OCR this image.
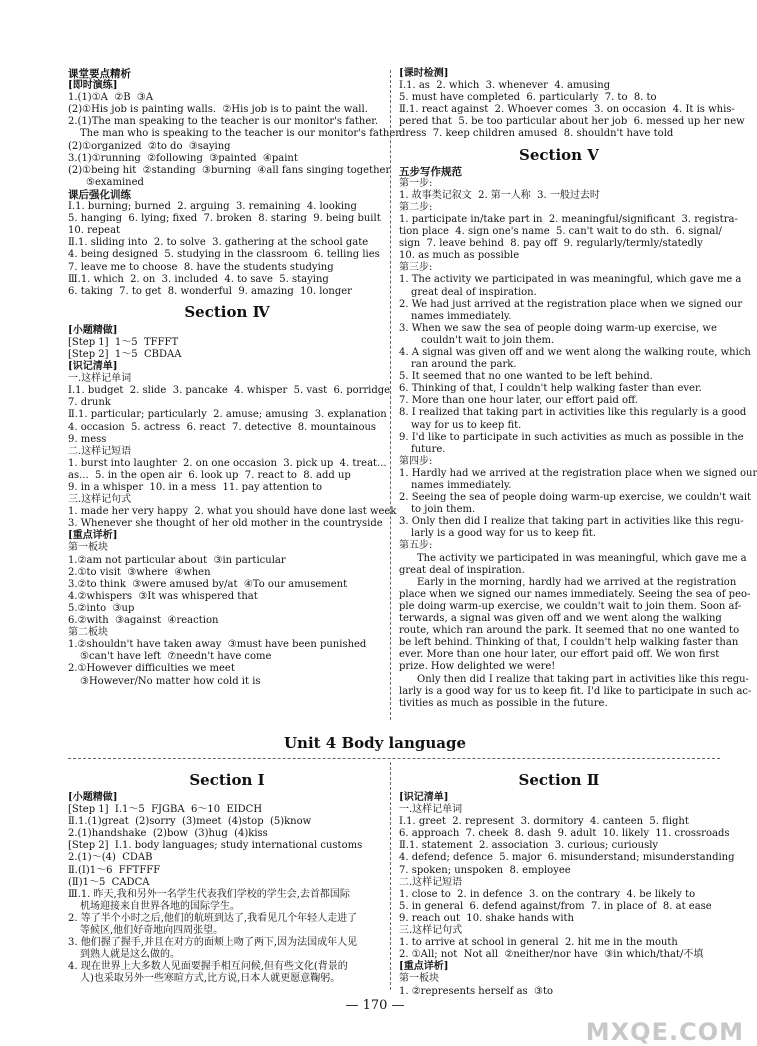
课堂要点精析
[即时演练]
1.(1)①A  ②B  ③A
(2)①His job is painting walls.  ②His job is to paint the wall.
2.(1)The man speaking to the teacher is our monitor's father.
The man who is speaking to the teacher is our monitor's father.
(2)①organized  ②to do  ③saying
3.(1)①running  ②following  ③painted  ④paint
(2)①being hit  ②standing  ③burning  ④all fans singing together
⑤examined
课后强化训练
Ⅰ.1. burning; burned  2. arguing  3. remaining  4. looking
5. hanging  6. lying; fixed  7. broken  8. staring  9. being built
10. repeat
Ⅱ.1. sliding into  2. to solve  3. gathering at the school gate
4. being designed  5. studying in the classroom  6. telling lies
7. leave me to choose  8. have the students studying
Ⅲ.1. which  2. on  3. included  4. to save  5. staying
6. taking  7. to get  8. wonderful  9. amazing  10. longer
Section Ⅳ
[小题精做]
[Step 1]  1～5  TFFFT
[Step 2]  1～5  CBDAA
[识记清单]
一.这样记单词
Ⅰ.1. budget  2. slide  3. pancake  4. whisper  5. vast  6. porridge
7. drunk
Ⅱ.1. particular; particularly  2. amuse; amusing  3. explanation
4. occasion  5. actress  6. react  7. detective  8. mountainous
9. mess
二.这样记短语
1. burst into laughter  2. on one occasion  3. pick up  4. treat...
as...  5. in the open air  6. look up  7. react to  8. add up
9. in a whisper  10. in a mess  11. pay attention to
三.这样记句式
1. made her very happy  2. what you should have done last week
3. Whenever she thought of her old mother in the countryside
[重点详析]
第一板块
1.②am not particular about  ③in particular
2.①to visit  ③where  ④when
3.②to think  ③were amused by/at  ④To our amusement
4.②whispers  ③It was whispered that
5.②into  ③up
6.②with  ③against  ④reaction
第二板块
1.②shouldn't have taken away  ③must have been punished
⑤can't have left  ⑦needn't have come
2.①However difficulties we meet
③However/No matter how cold it is
[课时检测]
Ⅰ.1. as  2. which  3. whenever  4. amusing
5. must have completed  6. particularly  7. to  8. to
Ⅱ.1. react against  2. Whoever comes  3. on occasion  4. It is whis-
pered that  5. be too particular about her job  6. messed up her new
dress  7. keep children amused  8. shouldn't have told
Section Ⅴ
五步写作规范
第一步:
1. 故事类记叙文  2. 第一人称  3. 一般过去时
第二步:
1. participate in/take part in  2. meaningful/significant  3. registra-
tion place  4. sign one's name  5. can't wait to do sth.  6. signal/
sign  7. leave behind  8. pay off  9. regularly/termly/statedly
10. as much as possible
第三步:
1. The activity we participated in was meaningful, which gave me a
great deal of inspiration.
2. We had just arrived at the registration place when we signed our
names immediately.
3. When we saw the sea of people doing warm-up exercise, we
couldn't wait to join them.
4. A signal was given off and we went along the walking route, which
ran around the park.
5. It seemed that no one wanted to be left behind.
6. Thinking of that, I couldn't help walking faster than ever.
7. More than one hour later, our effort paid off.
8. I realized that taking part in activities like this regularly is a good
way for us to keep fit.
9. I'd like to participate in such activities as much as possible in the
future.
第四步:
1. Hardly had we arrived at the registration place when we signed our
names immediately.
2. Seeing the sea of people doing warm-up exercise, we couldn't wait
to join them.
3. Only then did I realize that taking part in activities like this regu-
larly is a good way for us to keep fit.
第五步:
The activity we participated in was meaningful, which gave me a
great deal of inspiration.
Early in the morning, hardly had we arrived at the registration
place when we signed our names immediately. Seeing the sea of peo-
ple doing warm-up exercise, we couldn't wait to join them. Soon af-
terwards, a signal was given off and we went along the walking
route, which ran around the park. It seemed that no one wanted to
be left behind. Thinking of that, I couldn't help walking faster than
ever. More than one hour later, our effort paid off. We won first
prize. How delighted we were!
Only then did I realize that taking part in activities like this regu-
larly is a good way for us to keep fit. I'd like to participate in such ac-
tivities as much as possible in the future.
Unit 4 Body language
Section Ⅰ
[小题精做]
[Step 1]  Ⅰ.1～5  FJGBA  6～10  EIDCH
Ⅱ.1.(1)great  (2)sorry  (3)meet  (4)stop  (5)know
2.(1)handshake  (2)bow  (3)hug  (4)kiss
[Step 2]  Ⅰ.1. body languages; study international customs
2.(1)～(4)  CDAB
Ⅱ.(Ⅰ)1～6  FFTFFF
(Ⅱ)1～5  CADCA
Ⅲ.1. 昨天,我和另外一名学生代表我们学校的学生会,去首都国际
机场迎接来自世界各地的国际学生。
2. 等了半个小时之后,他们的航班到达了,我看见几个年轻人走进了
等候区,他们好奇地向四周张望。
3. 他们握了握手,并且在对方的面颊上吻了两下,因为法国成年人见
到熟人就是这么做的。
4. 现在世界上大多数人见面要握手相互问候,但有些文化(背景的
人)也采取另外一些寒暄方式,比方说,日本人就更愿意鞠躬。
Section Ⅱ
[识记清单]
一.这样记单词
Ⅰ.1. greet  2. represent  3. dormitory  4. canteen  5. flight
6. approach  7. cheek  8. dash  9. adult  10. likely  11. crossroads
Ⅱ.1. statement  2. association  3. curious; curiously
4. defend; defence  5. major  6. misunderstand; misunderstanding
7. spoken; unspoken  8. employee
二.这样记短语
1. close to  2. in defence  3. on the contrary  4. be likely to
5. in general  6. defend against/from  7. in place of  8. at ease
9. reach out  10. shake hands with
三.这样记句式
1. to arrive at school in general  2. hit me in the mouth
2. ①All; not  Not all  ②neither/nor have  ③in which/that/不填
[重点详析]
第一板块
1. ②represents herself as  ③to
— 170 —
MXQE.COM
